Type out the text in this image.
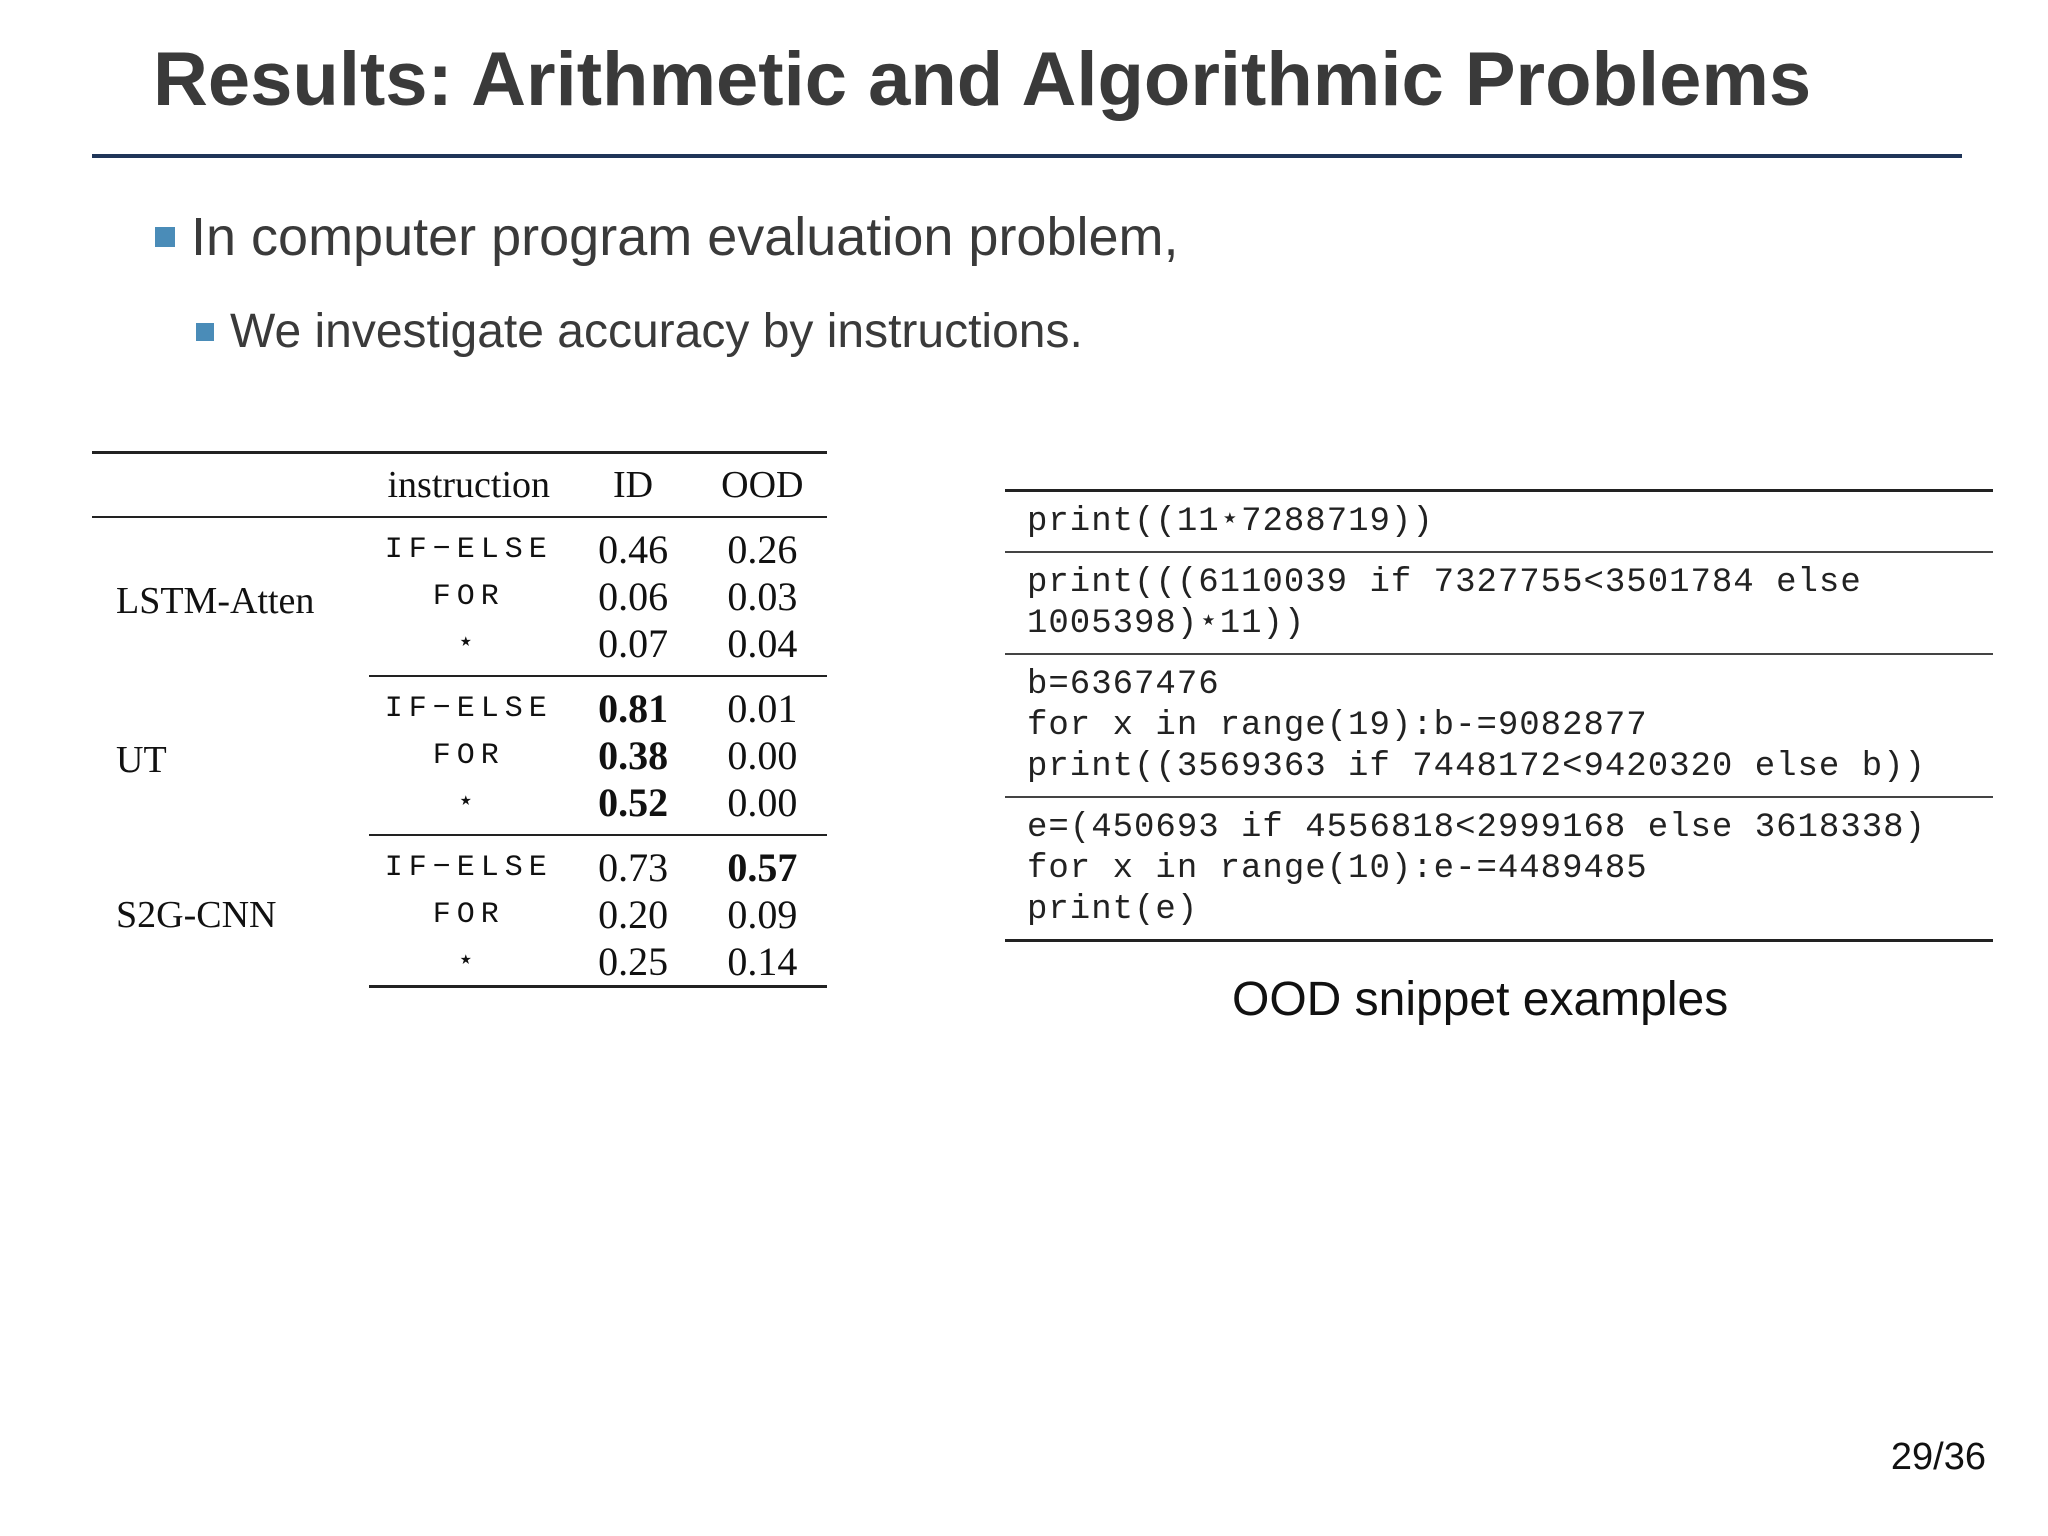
Results: Arithmetic and Algorithmic Problems
In computer program evaluation problem,
We investigate accuracy by instructions.
	instruction	ID	OOD
LSTM-Atten	IF−ELSE	0.46	0.26
	FOR	0.06	0.03
	⋆	0.07	0.04
UT	IF−ELSE	0.81	0.01
	FOR	0.38	0.00
	⋆	0.52	0.00
S2G-CNN	IF−ELSE	0.73	0.57
	FOR	0.20	0.09
	⋆	0.25	0.14
print((11⋆7288719))
print(((6110039 if 7327755<3501784 else
1005398)⋆11))
b=6367476
for x in range(19):b-=9082877
print((3569363 if 7448172<9420320 else b))
e=(450693 if 4556818<2999168 else 3618338)
for x in range(10):e-=4489485
print(e)
OOD snippet examples
29/36
